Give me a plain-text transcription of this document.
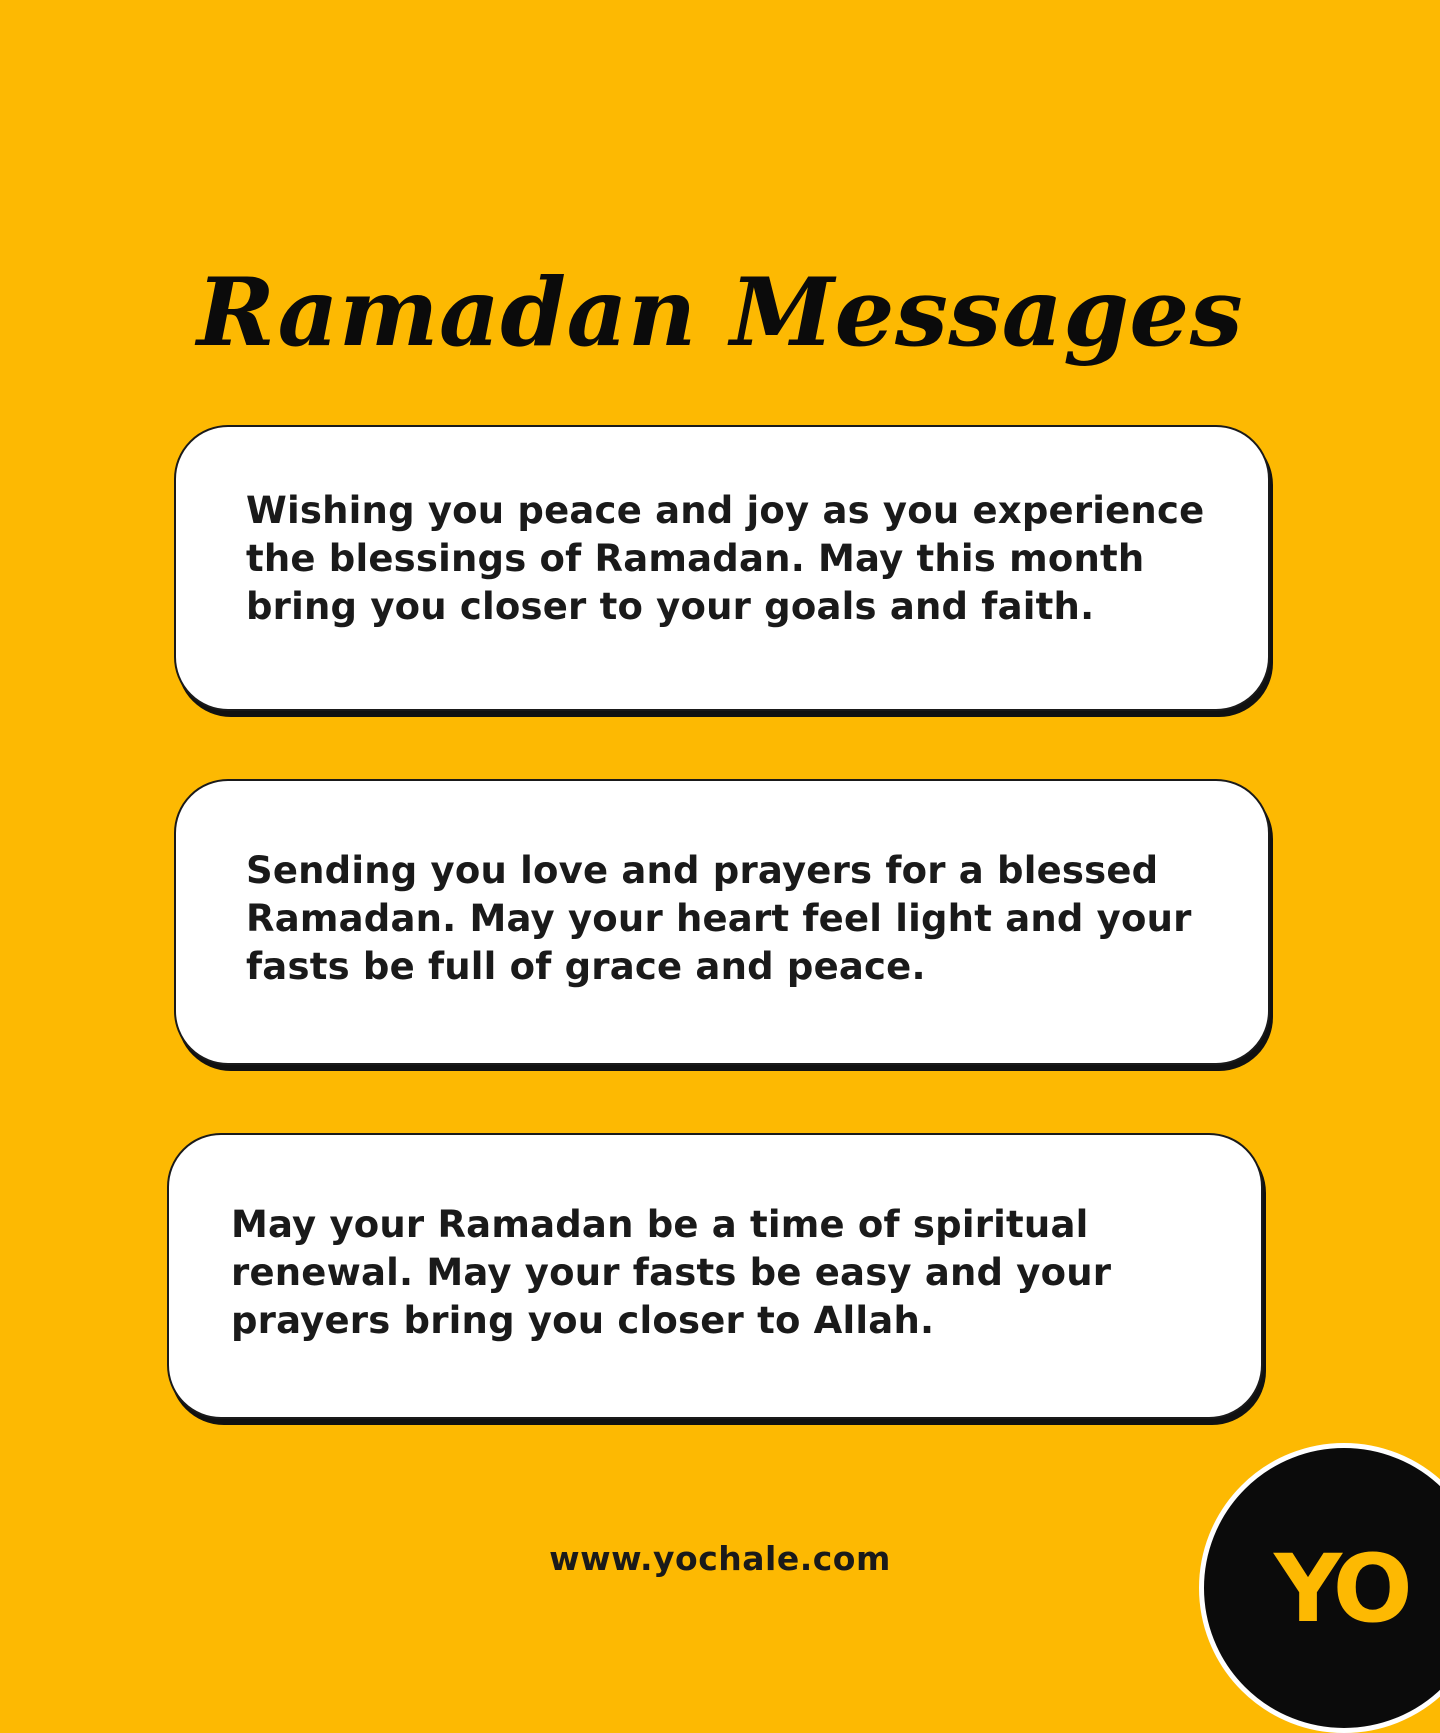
Ramadan Messages

Wishing you peace and joy as you experience the blessings of Ramadan. May this month bring you closer to your goals and faith.

Sending you love and prayers for a blessed Ramadan. May your heart feel light and your fasts be full of grace and peace.

May your Ramadan be a time of spiritual renewal. May your fasts be easy and your prayers bring you closer to Allah.

www.yochale.com	YO
